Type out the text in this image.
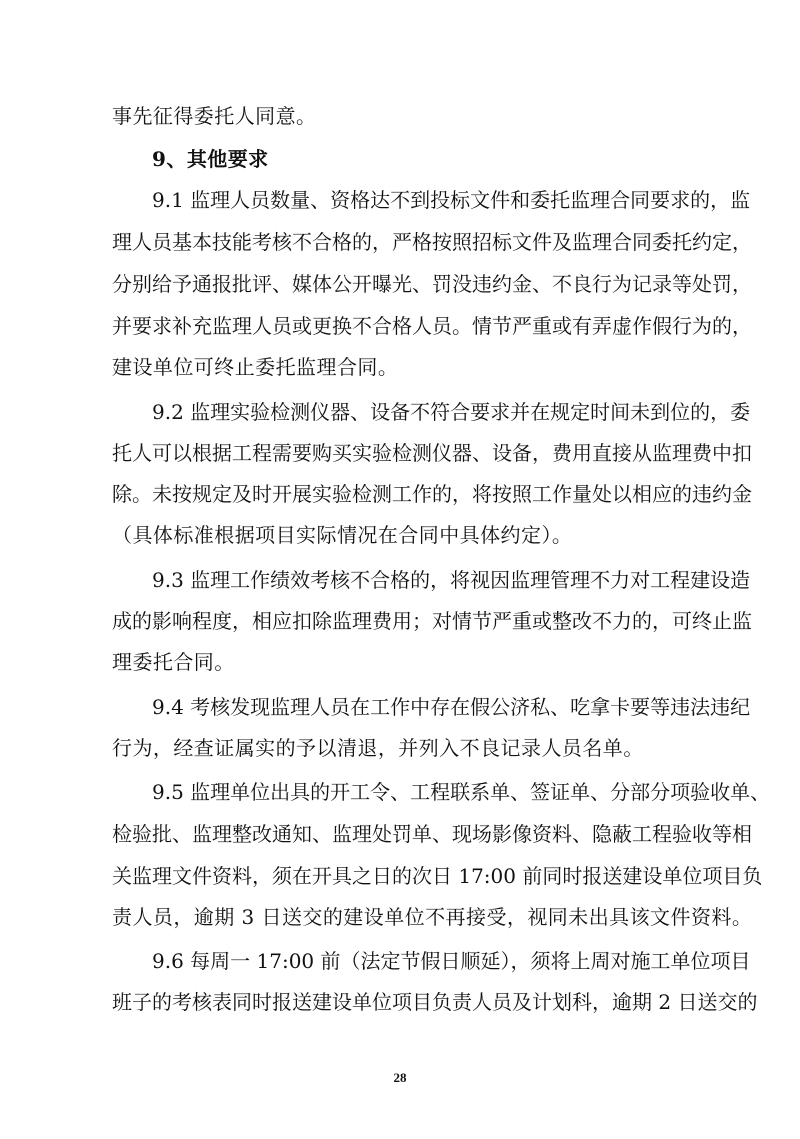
事先征得委托人同意。
9、其他要求
9.1 监理人员数量、资格达不到投标文件和委托监理合同要求的，监
理人员基本技能考核不合格的，严格按照招标文件及监理合同委托约定，
分别给予通报批评、媒体公开曝光、罚没违约金、不良行为记录等处罚，
并要求补充监理人员或更换不合格人员。情节严重或有弄虚作假行为的，
建设单位可终止委托监理合同。
9.2 监理实验检测仪器、设备不符合要求并在规定时间未到位的，委
托人可以根据工程需要购买实验检测仪器、设备，费用直接从监理费中扣
除。未按规定及时开展实验检测工作的，将按照工作量处以相应的违约金
（具体标准根据项目实际情况在合同中具体约定）。
9.3 监理工作绩效考核不合格的，将视因监理管理不力对工程建设造
成的影响程度，相应扣除监理费用；对情节严重或整改不力的，可终止监
理委托合同。
9.4 考核发现监理人员在工作中存在假公济私、吃拿卡要等违法违纪
行为，经查证属实的予以清退，并列入不良记录人员名单。
9.5 监理单位出具的开工令、工程联系单、签证单、分部分项验收单、
检验批、监理整改通知、监理处罚单、现场影像资料、隐蔽工程验收等相
关监理文件资料，须在开具之日的次日 17:00 前同时报送建设单位项目负
责人员，逾期 3 日送交的建设单位不再接受，视同未出具该文件资料。
9.6 每周一 17:00 前（法定节假日顺延），须将上周对施工单位项目
班子的考核表同时报送建设单位项目负责人员及计划科，逾期 2 日送交的
28
